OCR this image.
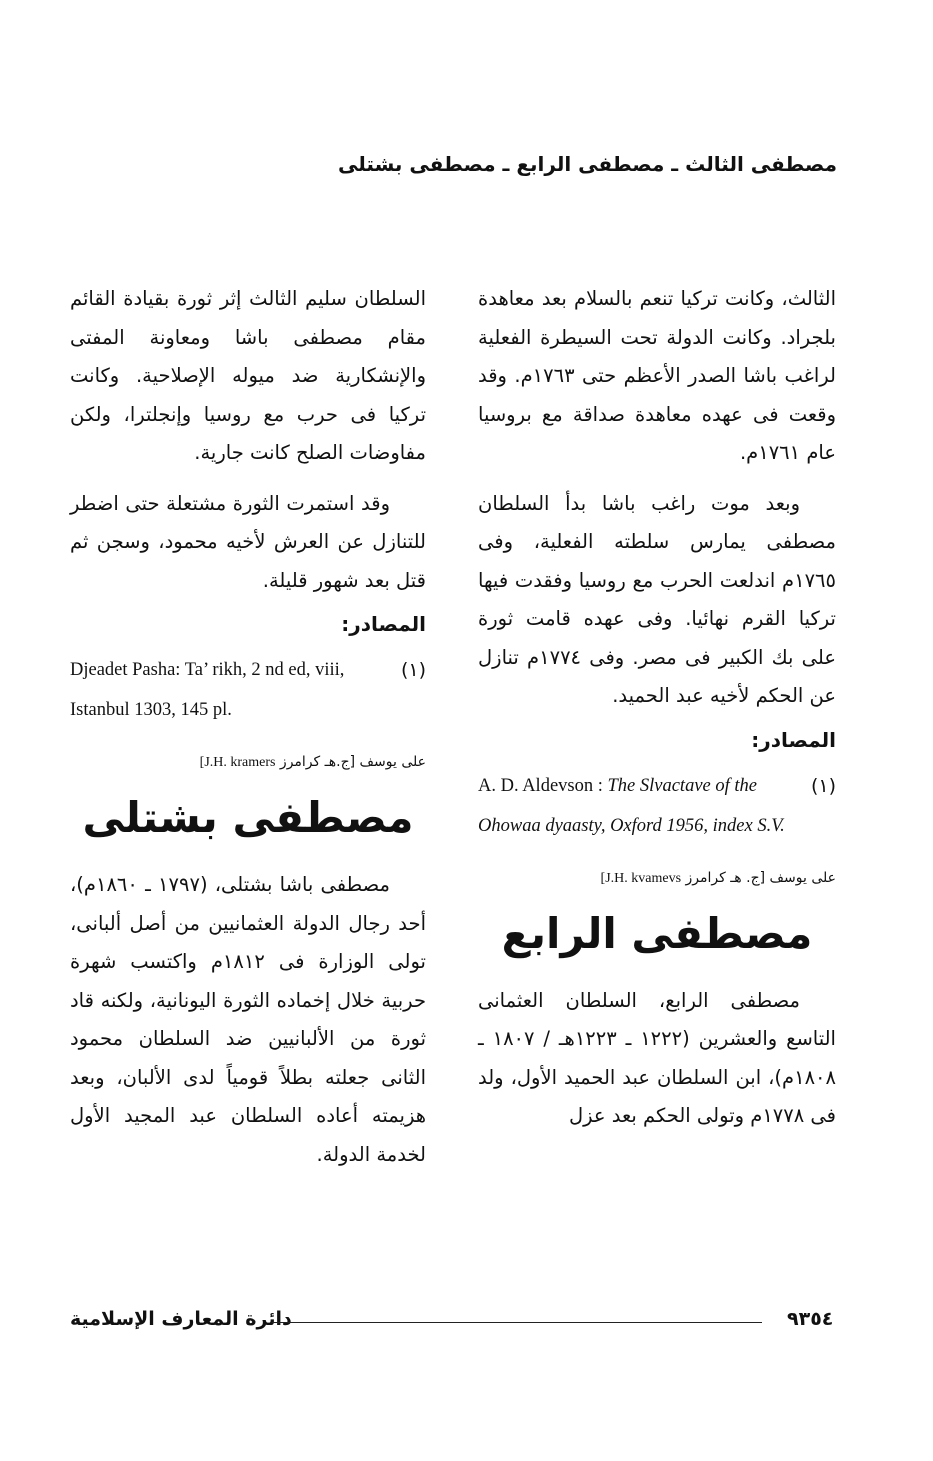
مصطفى الثالث ـ مصطفى الرابع ـ مصطفى بشتلى

الثالث، وكانت تركيا تنعم بالسلام بعد معاهدة بلجراد. وكانت الدولة تحت السيطرة الفعلية لراغب باشا الصدر الأعظم حتى ١٧٦٣م. وقد وقعت فى عهده معاهدة صداقة مع بروسيا عام ١٧٦١م.

وبعد موت راغب باشا بدأ السلطان مصطفى يمارس سلطته الفعلية، وفى ١٧٦٥م اندلعت الحرب مع روسيا وفقدت فيها تركيا القرم نهائيا. وفى عهده قامت ثورة على بك الكبير فى مصر. وفى ١٧٧٤م تنازل عن الحكم لأخيه عبد الحميد.

المصادر:
(١)
A. D. Aldevson : The Slvactave of the Ohowaa dyaasty, Oxford 1956, index S.V.
على يوسف [ج. هـ كرامرز J.H. kvamevs]
مصطفى الرابع

مصطفى الرابع، السلطان العثمانى التاسع والعشرين (١٢٢٢ ـ ١٢٢٣هـ / ١٨٠٧ ـ ١٨٠٨م)، ابن السلطان عبد الحميد الأول، ولد فى ١٧٧٨م وتولى الحكم بعد عزل

السلطان سليم الثالث إثر ثورة بقيادة القائم مقام مصطفى باشا ومعاونة المفتى والإنشكارية ضد ميوله الإصلاحية. وكانت تركيا فى حرب مع روسيا وإنجلترا، ولكن مفاوضات الصلح كانت جارية.

وقد استمرت الثورة مشتعلة حتى اضطر للتنازل عن العرش لأخيه محمود، وسجن ثم قتل بعد شهور قليلة.

المصادر:
(١)
Djeadet Pasha: Ta’ rikh, 2 nd ed, viii, Istanbul 1303, 145 pl.
على يوسف [ج.هـ كرامرز J.H. kramers]
مصطفى بشتلى

مصطفى باشا بشتلى، (١٧٩٧ ـ ١٨٦٠م)، أحد رجال الدولة العثمانيين من أصل ألبانى، تولى الوزارة فى ١٨١٢م واكتسب شهرة حربية خلال إخماده الثورة اليونانية، ولكنه قاد ثورة من الألبانيين ضد السلطان محمود الثانى جعلته بطلاً قومياً لدى الألبان، وبعد هزيمته أعاده السلطان عبد المجيد الأول لخدمة الدولة.

دائرة المعارف الإسلامية	٩٣٥٤
